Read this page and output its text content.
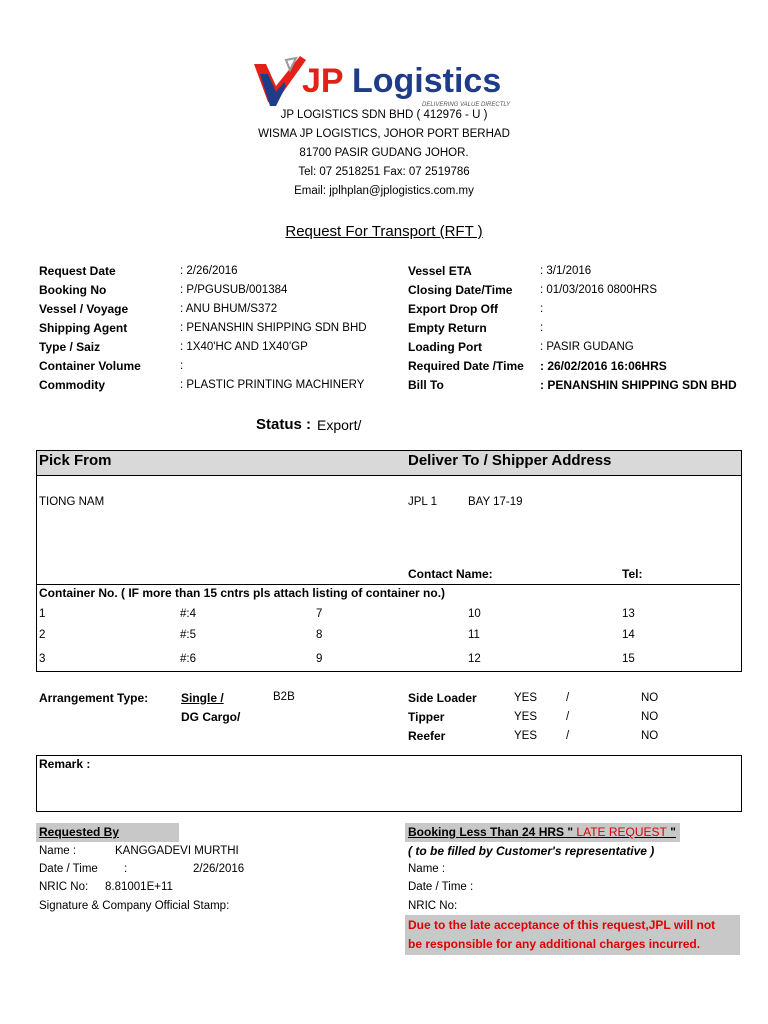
JP Logistics
DELIVERING VALUE DIRECTLY
JP LOGISTICS SDN BHD ( 412976 - U )
WISMA JP LOGISTICS, JOHOR PORT BERHAD
81700 PASIR GUDANG JOHOR.
Tel: 07 2518251 Fax: 07 2519786
Email: jplhplan@jplogistics.com.my
Request For Transport (RFT )
Request Date	: 2/26/2016
Booking No	: P/PGUSUB/001384
Vessel / Voyage	: ANU BHUM/S372
Shipping Agent	: PENANSHIN SHIPPING SDN BHD
Type / Saiz	: 1X40'HC AND 1X40'GP
Container Volume	:
Commodity	: PLASTIC PRINTING MACHINERY
Vessel ETA	: 3/1/2016
Closing Date/Time : 01/03/2016 0800HRS
Export Drop Off	:
Empty Return	:
Loading Port	: PASIR GUDANG
Required Date /Time : 26/02/2016 16:06HRS
Bill To	: PENANSHIN SHIPPING SDN BHD
Status : Export/
Pick From	Deliver To / Shipper Address
TIONG NAM	JPL 1	BAY 17-19
Contact Name:	Tel:
Container No. ( IF more than 15 cntrs pls attach listing of container no.)
1	#:4	7	10	13
2	#:5	8	11	14
3	#:6	9	12	15
Arrangement Type:	Single /	B2B
DG Cargo/
Side Loader	YES	/	NO
Tipper	YES	/	NO
Reefer	YES	/	NO
Remark :
Requested By
Name :	KANGGADEVI MURTHI
Date / Time :	2/26/2016
NRIC No: 8.81001E+11
Signature & Company Official Stamp:
Booking Less Than 24 HRS " LATE REQUEST "
( to be filled by Customer's representative )
Name :
Date / Time :
NRIC No:
Due to the late acceptance of this request,JPL will not
be responsible for any additional charges incurred.
